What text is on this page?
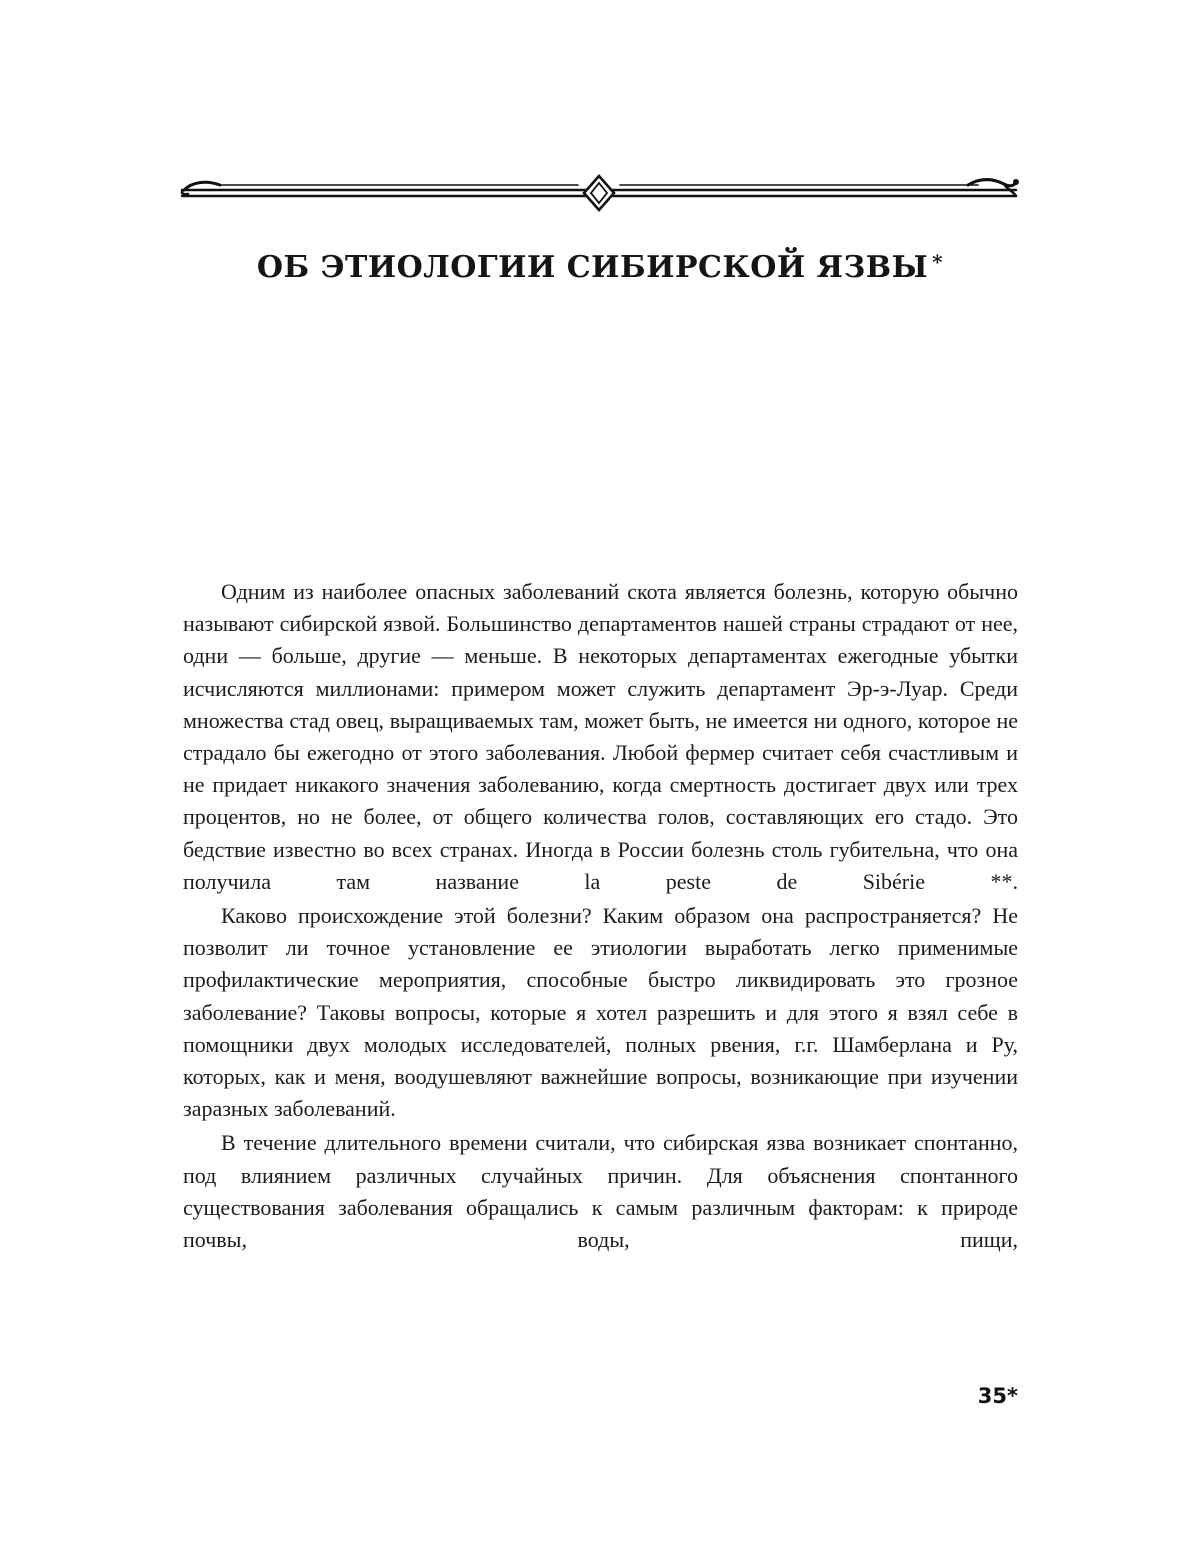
ОБ ЭТИОЛОГИИ СИБИРСКОЙ ЯЗВЫ *

Одним из наиболее опасных заболеваний скота является болезнь, которую обычно называют сибирской язвой. Большинство департаментов нашей страны страдают от нее, одни — больше, другие — меньше. В некоторых департаментах ежегодные убытки исчисляются миллионами: примером может служить департамент Эр-э-Луар. Среди множества стад овец, выращиваемых там, может быть, не имеется ни одного, которое не страдало бы ежегодно от этого заболевания. Любой фермер считает себя счастливым и не придает никакого значения заболеванию, когда смертность достигает двух или трех процентов, но не более, от общего количества голов, составляющих его стадо. Это бедствие известно во всех странах. Иногда в России болезнь столь губительна, что она получила там название la peste de Sibérie **.

Каково происхождение этой болезни? Каким образом она распространяется? Не позволит ли точное установление ее этиологии выработать легко применимые профилактические мероприятия, способные быстро ликвидировать это грозное заболевание? Таковы вопросы, которые я хотел разрешить и для этого я взял себе в помощники двух молодых исследователей, полных рвения, г.г. Шамберлана и Ру, которых, как и меня, воодушевляют важнейшие вопросы, возникающие при изучении заразных заболеваний.

В течение длительного времени считали, что сибирская язва возникает спонтанно, под влиянием различных случайных причин. Для объяснения спонтанного существования заболевания обращались к самым различным факторам: к природе почвы, воды, пищи,

35*
